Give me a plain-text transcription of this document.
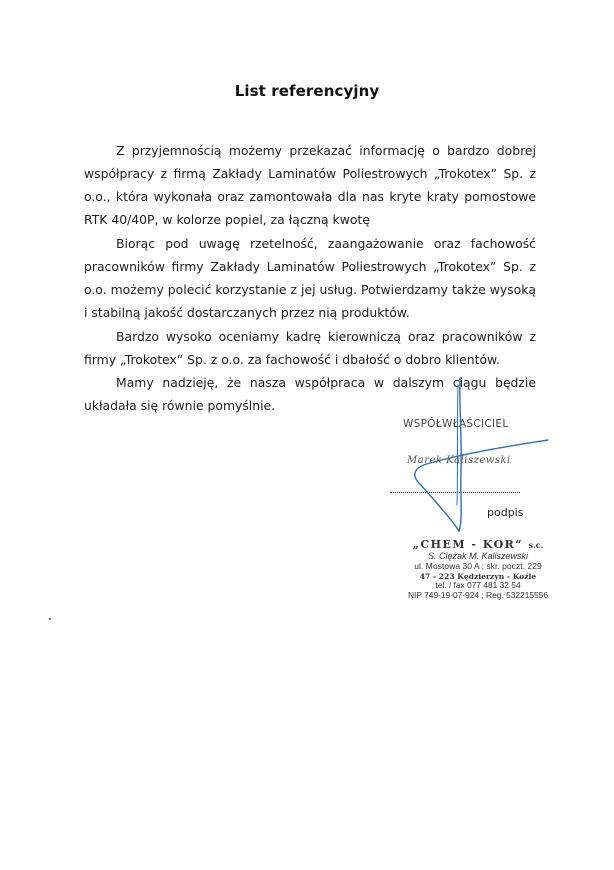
List referencyjny

Z przyjemnością możemy przekazać informację o bardzo dobrej współpracy z firmą Zakłady Laminatów Poliestrowych „Trokotex” Sp. z o.o., która wykonała oraz zamontowała dla nas kryte kraty pomostowe RTK 40/40P, w kolorze popiel, za łączną kwotę

Biorąc pod uwagę rzetelność, zaangażowanie oraz fachowość pracowników firmy Zakłady Laminatów Poliestrowych „Trokotex” Sp. z o.o. możemy polecić korzystanie z jej usług. Potwierdzamy także wysoką i stabilną jakość dostarczanych przez nią produktów.

Bardzo wysoko oceniamy kadrę kierowniczą oraz pracowników z firmy „Trokotex” Sp. z o.o. za fachowość i dbałość o dobro klientów.

Mamy nadzieję, że nasza współpraca w dalszym ciągu będzie układała się równie pomyślnie.

WSPÓŁWŁAŚCICIEL
Marek Kaliszewski
podpis
„CHEM - KOR“ s.c.
S. Ciężak M. Kaliszewski
ul. Mostowa 30 A ; skr. poczt. 229
47 - 223 Kędzierzyn - Koźle
tel. / fax 077 481 32 54
NIP 749-19-07-924 ; Reg. 532215556
